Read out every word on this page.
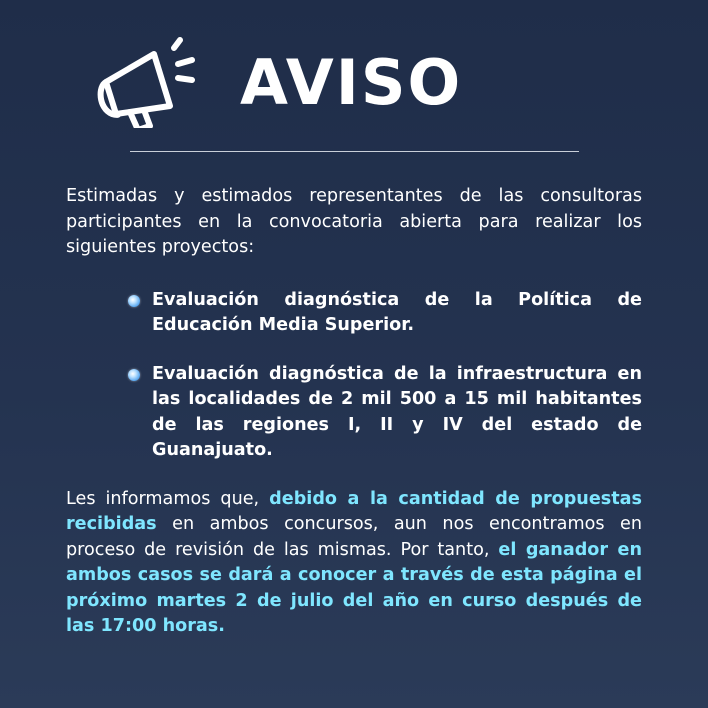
AVISO

Estimadas y estimados representantes de las consultoras participantes en la convocatoria abierta para realizar los siguientes proyectos:

Evaluación diagnóstica de la Política de Educación Media Superior.
Evaluación diagnóstica de la infraestructura en las localidades de 2 mil 500 a 15 mil habitantes de las regiones I, II y IV del estado de Guanajuato.

Les informamos que, debido a la cantidad de propuestas recibidas en ambos concursos, aun nos encontramos en proceso de revisión de las mismas. Por tanto, el ganador en ambos casos se dará a conocer a través de esta página el próximo martes 2 de julio del año en curso después de las 17:00 horas.
